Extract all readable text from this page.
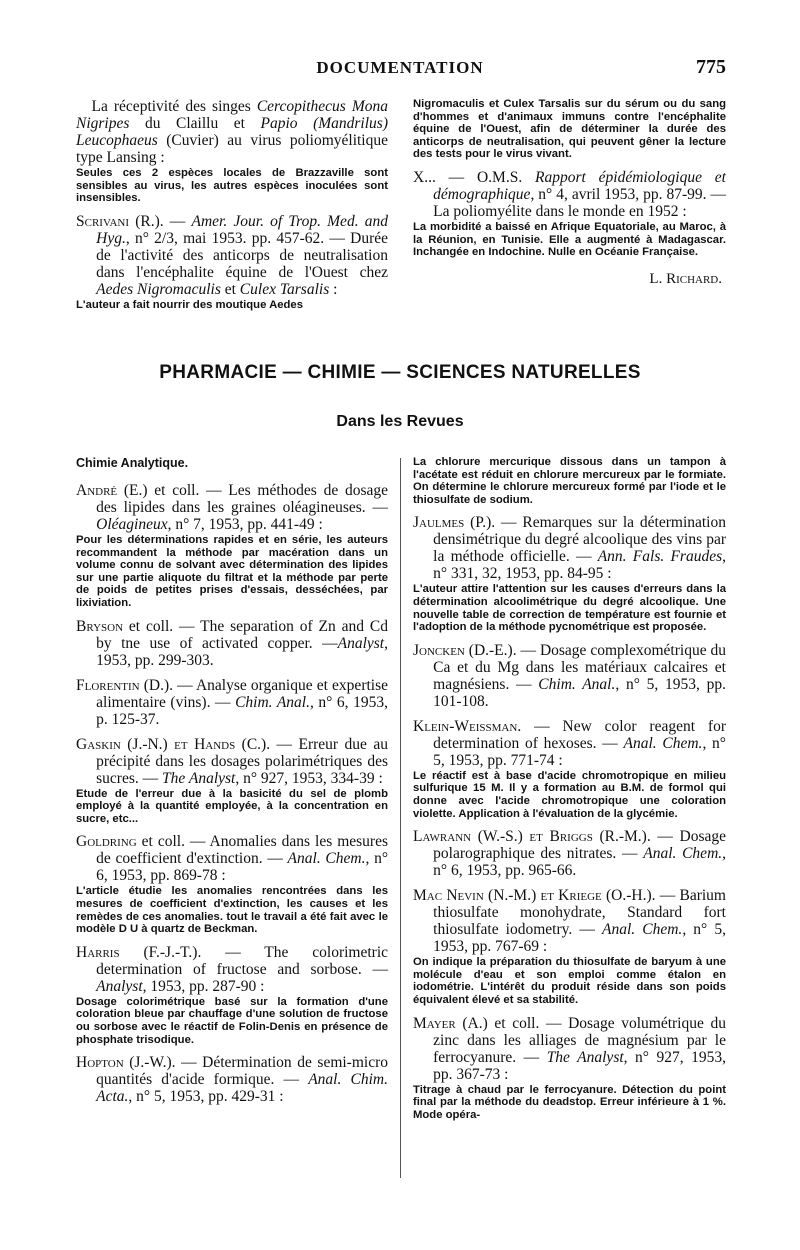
DOCUMENTATION	775

La réceptivité des singes Cercopithecus Mona Nigripes du Claillu et Papio (Mandrilus) Leucophaeus (Cuvier) au virus poliomyélitique type Lansing :

Seules ces 2 espèces locales de Brazzaville sont sensibles au virus, les autres espèces inoculées sont insensibles.

Scrivani (R.). — Amer. Jour. of Trop. Med. and Hyg., n° 2/3, mai 1953. pp. 457-62. — Durée de l'activité des anticorps de neutralisation dans l'encéphalite équine de l'Ouest chez Aedes Nigromaculis et Culex Tarsalis :

L'auteur a fait nourrir des moutique Aedes

Nigromaculis et Culex Tarsalis sur du sérum ou du sang d'hommes et d'animaux immuns contre l'encéphalite équine de l'Ouest, afin de déterminer la durée des anticorps de neutralisation, qui peuvent gêner la lecture des tests pour le virus vivant.

X... — O.M.S. Rapport épidémiologique et démographique, n° 4, avril 1953, pp. 87-99. — La poliomyélite dans le monde en 1952 :

La morbidité a baissé en Afrique Equatoriale, au Maroc, à la Réunion, en Tunisie. Elle a augmenté à Madagascar. Inchangée en Indochine. Nulle en Océanie Française.

L. Richard.
PHARMACIE — CHIMIE — SCIENCES NATURELLES
Dans les Revues
Chimie Analytique.

André (E.) et coll. — Les méthodes de dosage des lipides dans les graines oléagineuses. — Oléagineux, n° 7, 1953, pp. 441-49 :

Pour les déterminations rapides et en série, les auteurs recommandent la méthode par macération dans un volume connu de solvant avec détermination des lipides sur une partie aliquote du filtrat et la méthode par perte de poids de petites prises d'essais, desséchées, par lixiviation.

Bryson et coll. — The separation of Zn and Cd by tne use of activated copper. —Analyst, 1953, pp. 299-303.

Florentin (D.). — Analyse organique et expertise alimentaire (vins). — Chim. Anal., n° 6, 1953, p. 125-37.

Gaskin (J.-N.) et Hands (C.). — Erreur due au précipité dans les dosages polarimétriques des sucres. — The Analyst, n° 927, 1953, 334-39 :

Etude de l'erreur due à la basicité du sel de plomb employé à la quantité employée, à la concentration en sucre, etc...

Goldring et coll. — Anomalies dans les mesures de coefficient d'extinction. — Anal. Chem., n° 6, 1953, pp. 869-78 :

L'article étudie les anomalies rencontrées dans les mesures de coefficient d'extinction, les causes et les remèdes de ces anomalies. tout le travail a été fait avec le modèle D U à quartz de Beckman.

Harris (F.-J.-T.). — The colorimetric determination of fructose and sorbose. — Analyst, 1953, pp. 287-90 :

Dosage colorimétrique basé sur la formation d'une coloration bleue par chauffage d'une solution de fructose ou sorbose avec le réactif de Folin-Denis en présence de phosphate trisodique.

Hopton (J.-W.). — Détermination de semi-micro quantités d'acide formique. — Anal. Chim. Acta., n° 5, 1953, pp. 429-31 :

La chlorure mercurique dissous dans un tampon à l'acétate est réduit en chlorure mercureux par le formiate. On détermine le chlorure mercureux formé par l'iode et le thiosulfate de sodium.

Jaulmes (P.). — Remarques sur la détermination densimétrique du degré alcoolique des vins par la méthode officielle. — Ann. Fals. Fraudes, n° 331, 32, 1953, pp. 84-95 :

L'auteur attire l'attention sur les causes d'erreurs dans la détermination alcoolimétrique du degré alcoolique. Une nouvelle table de correction de température est fournie et l'adoption de la méthode pycnométrique est proposée.

Joncken (D.-E.). — Dosage complexométrique du Ca et du Mg dans les matériaux calcaires et magnésiens. — Chim. Anal., n° 5, 1953, pp. 101-108.

Klein-Weissman. — New color reagent for determination of hexoses. — Anal. Chem., n° 5, 1953, pp. 771-74 :

Le réactif est à base d'acide chromotropique en milieu sulfurique 15 M. Il y a formation au B.M. de formol qui donne avec l'acide chromotropique une coloration violette. Application à l'évaluation de la glycémie.

Lawrann (W.-S.) et Briggs (R.-M.). — Dosage polarographique des nitrates. — Anal. Chem., n° 6, 1953, pp. 965-66.

Mac Nevin (N.-M.) et Kriege (O.-H.). — Barium thiosulfate monohydrate, Standard fort thiosulfate iodometry. — Anal. Chem., n° 5, 1953, pp. 767-69 :

On indique la préparation du thiosulfate de baryum à une molécule d'eau et son emploi comme étalon en iodométrie. L'intérêt du produit réside dans son poids équivalent élevé et sa stabilité.

Mayer (A.) et coll. — Dosage volumétrique du zinc dans les alliages de magnésium par le ferrocyanure. — The Analyst, n° 927, 1953, pp. 367-73 :

Titrage à chaud par le ferrocyanure. Détection du point final par la méthode du deadstop. Erreur inférieure à 1 %. Mode opéra-
